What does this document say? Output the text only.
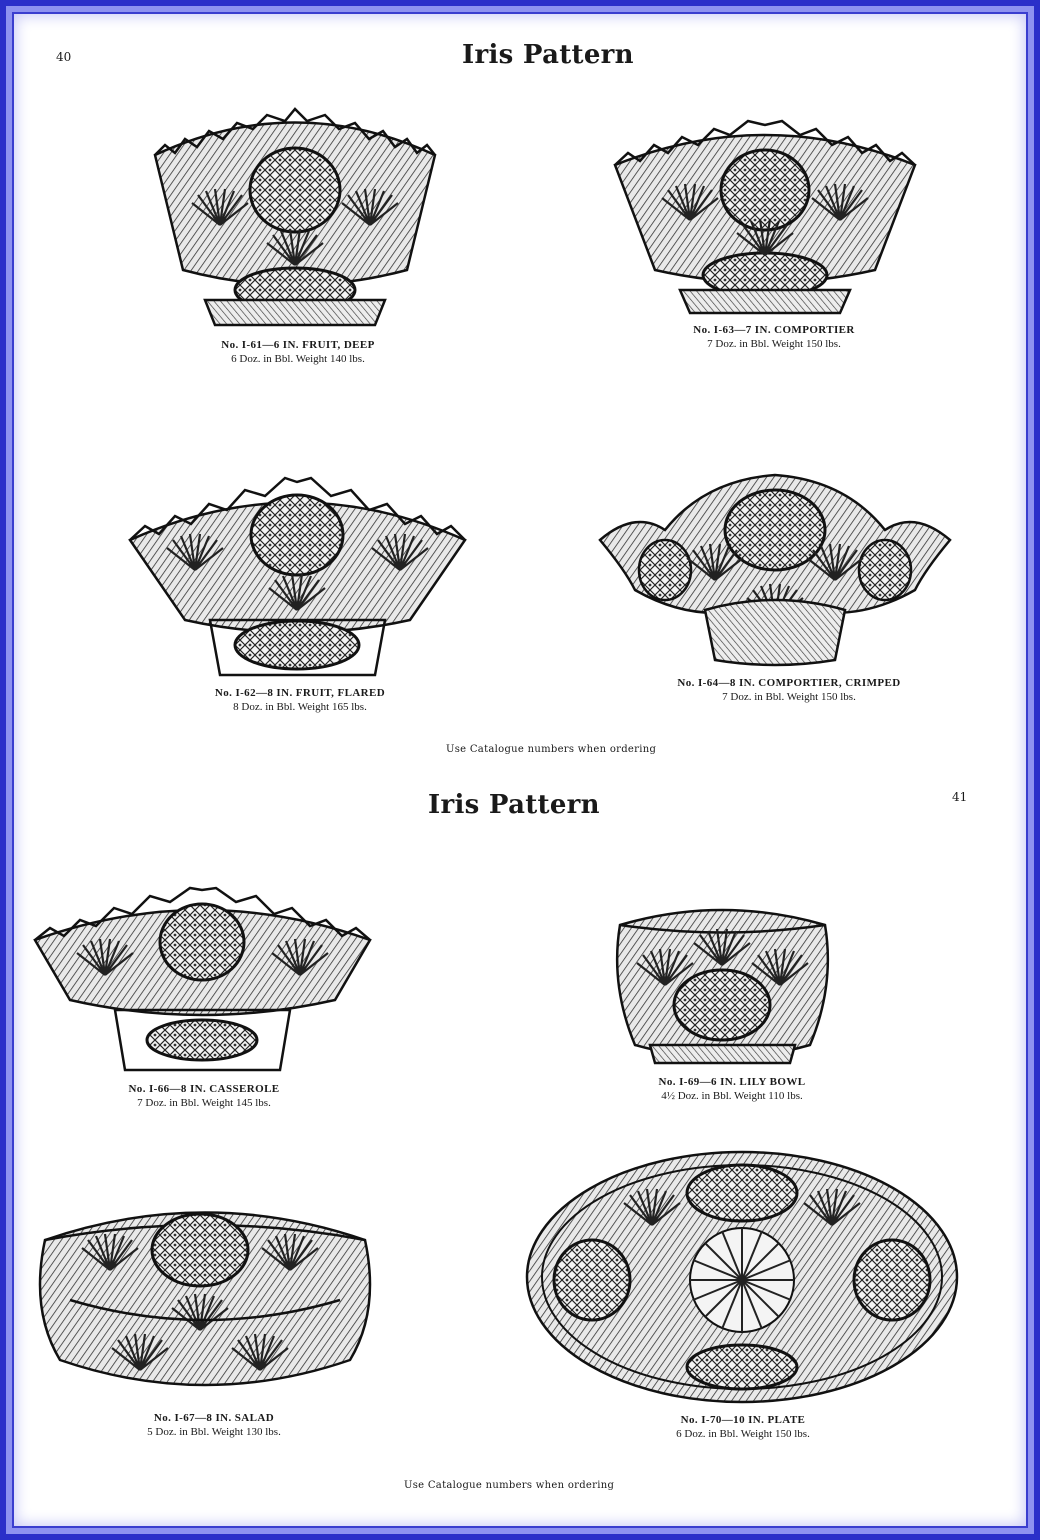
40	Iris Pattern
No. I-61—6 IN. FRUIT, DEEP
6 Doz. in Bbl. Weight 140 lbs.
No. I-63—7 IN. COMPORTIER
7 Doz. in Bbl. Weight 150 lbs.
No. I-62—8 IN. FRUIT, FLARED
8 Doz. in Bbl. Weight 165 lbs.
No. I-64—8 IN. COMPORTIER, CRIMPED
7 Doz. in Bbl. Weight 150 lbs.
Use Catalogue numbers when ordering
Iris Pattern	41
No. I-66—8 IN. CASSEROLE
7 Doz. in Bbl. Weight 145 lbs.
No. I-69—6 IN. LILY BOWL
4½ Doz. in Bbl. Weight 110 lbs.
No. I-67—8 IN. SALAD
5 Doz. in Bbl. Weight 130 lbs.
No. I-70—10 IN. PLATE
6 Doz. in Bbl. Weight 150 lbs.
Use Catalogue numbers when ordering
